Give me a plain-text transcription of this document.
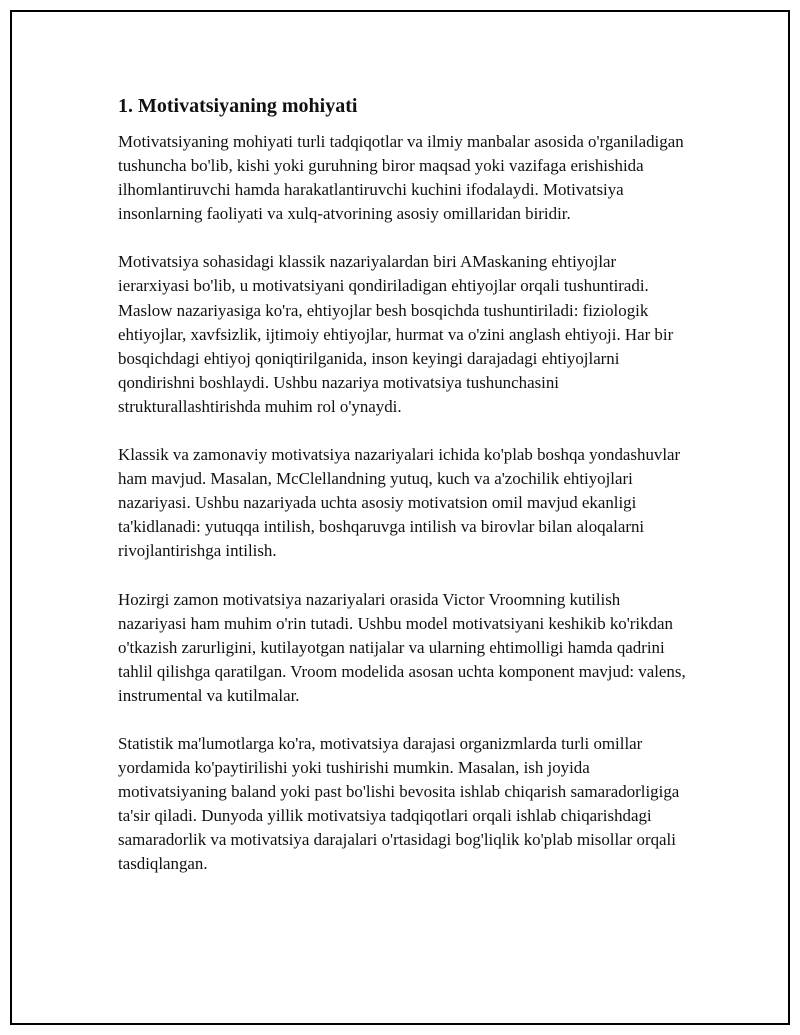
1. Motivatsiyaning mohiyati

Motivatsiyaning mohiyati turli tadqiqotlar va ilmiy manbalar asosida o'rganiladigan tushuncha bo'lib, kishi yoki guruhning biror maqsad yoki vazifaga erishishida ilhomlantiruvchi hamda harakatlantiruvchi kuchini ifodalaydi. Motivatsiya insonlarning faoliyati va xulq-atvorining asosiy omillaridan biridir.

Motivatsiya sohasidagi klassik nazariyalardan biri AMaskaning ehtiyojlar ierarxiyasi bo'lib, u motivatsiyani qondiriladigan ehtiyojlar orqali tushuntiradi. Maslow nazariyasiga ko'ra, ehtiyojlar besh bosqichda tushuntiriladi: fiziologik ehtiyojlar, xavfsizlik, ijtimoiy ehtiyojlar, hurmat va o'zini anglash ehtiyoji. Har bir bosqichdagi ehtiyoj qoniqtirilganida, inson keyingi darajadagi ehtiyojlarni qondirishni boshlaydi. Ushbu nazariya motivatsiya tushunchasini strukturallashtirishda muhim rol o'ynaydi.

Klassik va zamonaviy motivatsiya nazariyalari ichida ko'plab boshqa yondashuvlar ham mavjud. Masalan, McClellandning yutuq, kuch va a'zochilik ehtiyojlari nazariyasi. Ushbu nazariyada uchta asosiy motivatsion omil mavjud ekanligi ta'kidlanadi: yutuqqa intilish, boshqaruvga intilish va birovlar bilan aloqalarni rivojlantirishga intilish.

Hozirgi zamon motivatsiya nazariyalari orasida Victor Vroomning kutilish nazariyasi ham muhim o'rin tutadi. Ushbu model motivatsiyani keshikib ko'rikdan o'tkazish zarurligini, kutilayotgan natijalar va ularning ehtimolligi hamda qadrini tahlil qilishga qaratilgan. Vroom modelida asosan uchta komponent mavjud: valens, instrumental va kutilmalar.

Statistik ma'lumotlarga ko'ra, motivatsiya darajasi organizmlarda turli omillar yordamida ko'paytirilishi yoki tushirishi mumkin. Masalan, ish joyida motivatsiyaning baland yoki past bo'lishi bevosita ishlab chiqarish samaradorligiga ta'sir qiladi. Dunyoda yillik motivatsiya tadqiqotlari orqali ishlab chiqarishdagi samaradorlik va motivatsiya darajalari o'rtasidagi bog'liqlik ko'plab misollar orqali tasdiqlangan.
